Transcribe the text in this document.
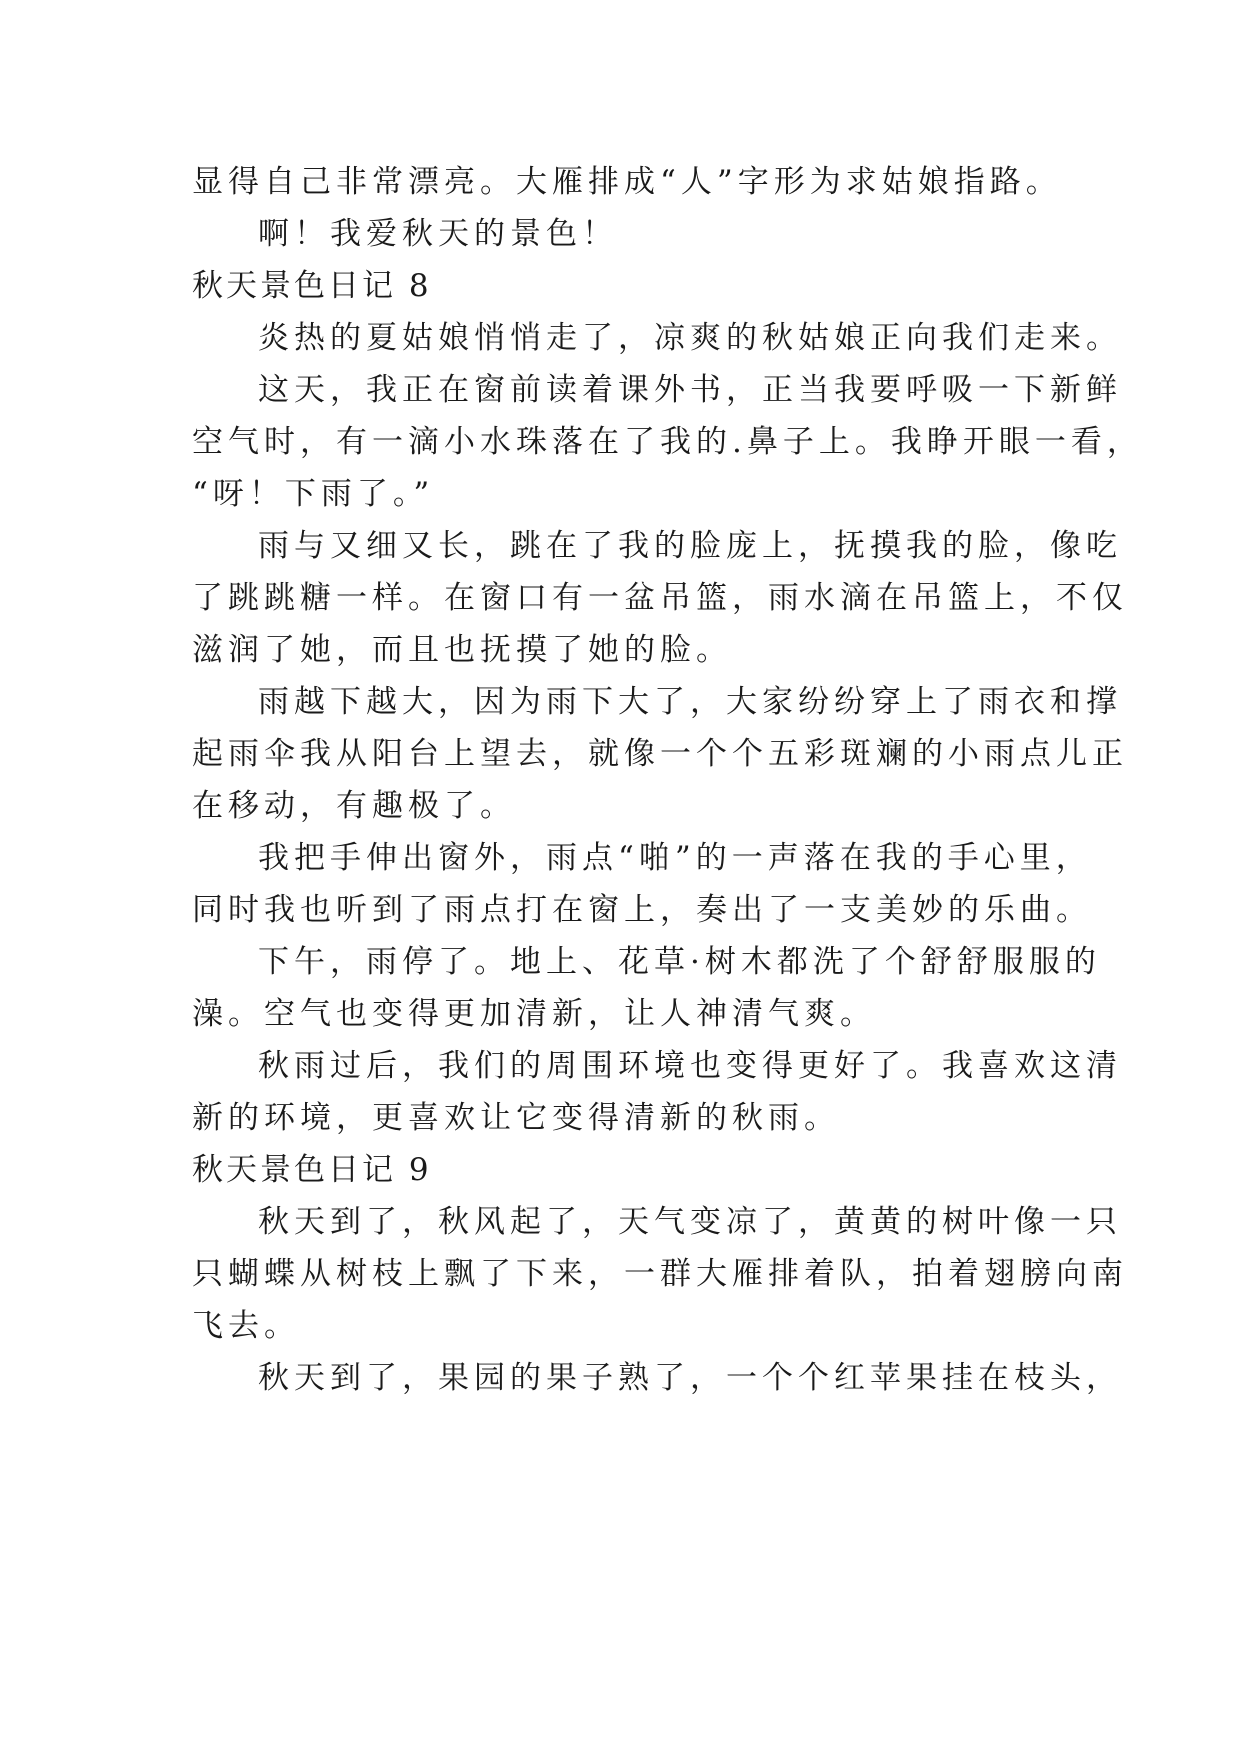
显得自己非常漂亮。大雁排成“人”字形为求姑娘指路。
啊！我爱秋天的景色！
秋天景色日记 8
炎热的夏姑娘悄悄走了，凉爽的秋姑娘正向我们走来。
这天，我正在窗前读着课外书，正当我要呼吸一下新鲜
空气时，有一滴小水珠落在了我的.鼻子上。我睁开眼一看，
“呀！下雨了。”
雨与又细又长，跳在了我的脸庞上，抚摸我的脸，像吃
了跳跳糖一样。在窗口有一盆吊篮，雨水滴在吊篮上，不仅
滋润了她，而且也抚摸了她的脸。
雨越下越大，因为雨下大了，大家纷纷穿上了雨衣和撑
起雨伞我从阳台上望去，就像一个个五彩斑斓的小雨点儿正
在移动，有趣极了。
我把手伸出窗外，雨点“啪”的一声落在我的手心里，
同时我也听到了雨点打在窗上，奏出了一支美妙的乐曲。
下午，雨停了。地上、花草·树木都洗了个舒舒服服的
澡。空气也变得更加清新，让人神清气爽。
秋雨过后，我们的周围环境也变得更好了。我喜欢这清
新的环境，更喜欢让它变得清新的秋雨。
秋天景色日记 9
秋天到了，秋风起了，天气变凉了，黄黄的树叶像一只
只蝴蝶从树枝上飘了下来，一群大雁排着队，拍着翅膀向南
飞去。
秋天到了，果园的果子熟了，一个个红苹果挂在枝头，
